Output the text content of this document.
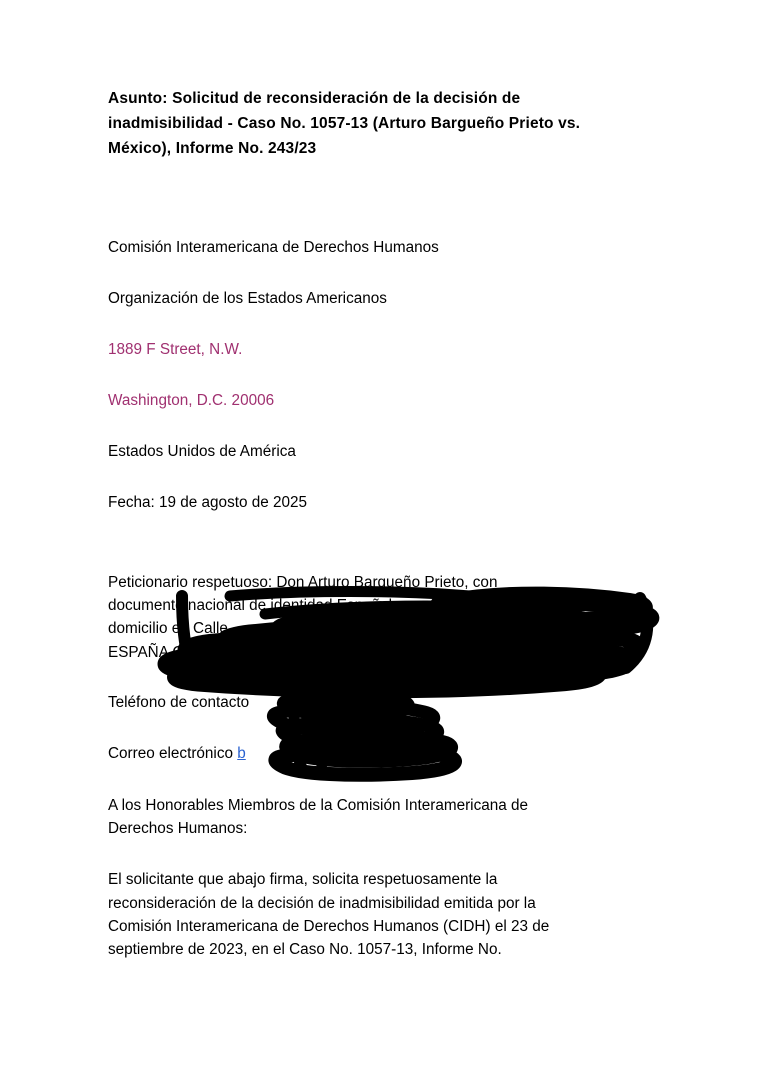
Asunto: Solicitud de reconsideración de la decisión de
inadmisibilidad - Caso No. 1057-13 (Arturo Bargueño Prieto vs.
México), Informe No. 243/23
Comisión Interamericana de Derechos Humanos
Organización de los Estados Americanos
1889 F Street, N.W.
Washington, D.C. 20006
Estados Unidos de América
Fecha: 19 de agosto de 2025
Peticionario respetuoso: Don Arturo Bargueño Prieto, con
documento nacional de identidad Español
domicilio en Calle
ESPAÑA COD
Teléfono de contacto
Correo electrónico b
A los Honorables Miembros de la Comisión Interamericana de
Derechos Humanos:
El solicitante que abajo firma, solicita respetuosamente la
reconsideración de la decisión de inadmisibilidad emitida por la
Comisión Interamericana de Derechos Humanos (CIDH) el 23 de
septiembre de 2023, en el Caso No. 1057-13, Informe No.
